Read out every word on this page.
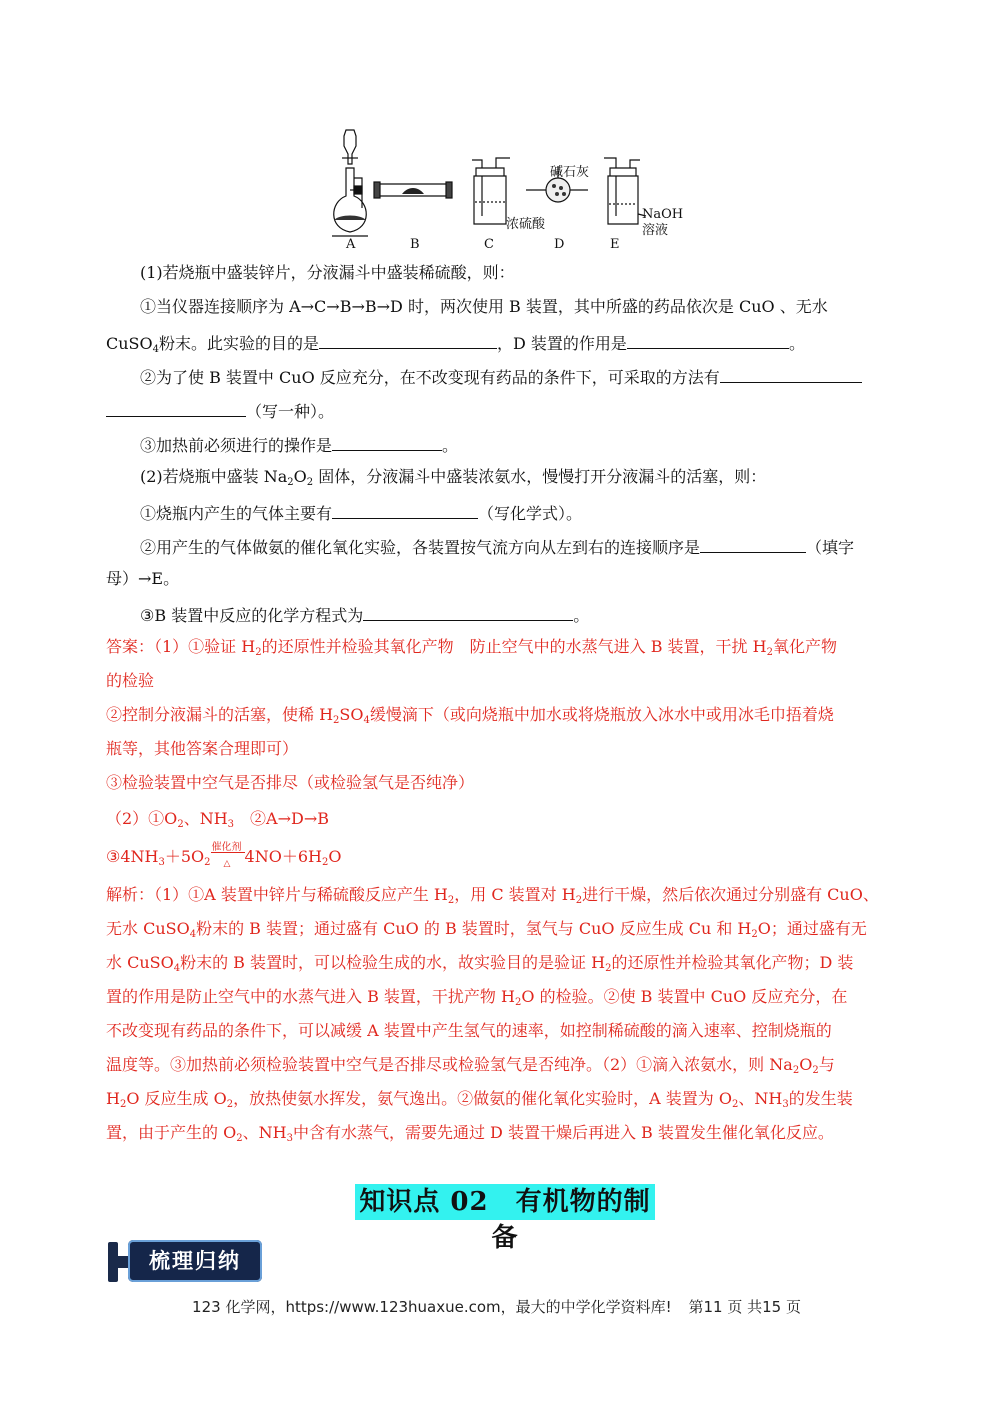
A	B	C	D	E
碱石灰
浓硫酸
NaOH
溶液
(1)若烧瓶中盛装锌片，分液漏斗中盛装稀硫酸，则：
①当仪器连接顺序为 A→C→B→B→D 时，两次使用 B 装置，其中所盛的药品依次是 CuO 、无水
CuSO$_4$粉末。此实验的目的是	，D 装置的作用是	。
②为了使 B 装置中 CuO 反应充分，在不改变现有药品的条件下，可采取的方法有
（写一种）。
③加热前必须进行的操作是	。
(2)若烧瓶中盛装 $Na_2O_2$ 固体，分液漏斗中盛装浓氨水，慢慢打开分液漏斗的活塞，则：
①烧瓶内产生的气体主要有	（写化学式）。
②用产生的气体做氨的催化氧化实验，各装置按气流方向从左到右的连接顺序是	（填字
母）→E。
③B 装置中反应的化学方程式为	。
答案：（1）①验证 $H_2$的还原性并检验其氧化产物　防止空气中的水蒸气进入 B 装置，干扰 $H_2$氧化产物
的检验
②控制分液漏斗的活塞，使稀 $H_2SO_4$缓慢滴下（或向烧瓶中加水或将烧瓶放入冰水中或用冰毛巾捂着烧
瓶等，其他答案合理即可）
③检验装置中空气是否排尽（或检验氢气是否纯净）
$(2)①O_2$、$NH_3$　②A→D→B
$③4NH_3+5O_2$
催化剂
△ $4NO+6H_2O$
解析：（1）①A 装置中锌片与稀硫酸反应产生 $H_2$，用 C 装置对 $H_2$进行干燥，然后依次通过分别盛有 CuO、
无水 CuSO$_4$粉末的 B 装置；通过盛有 CuO 的 B 装置时，氢气与 CuO 反应生成 Cu 和 $H_2O$；通过盛有无
水 CuSO$_4$粉末的 B 装置时，可以检验生成的水，故实验目的是验证 $H_2$的还原性并检验其氧化产物；D 装
置的作用是防止空气中的水蒸气进入 B 装置，干扰产物 $H_2O$ 的检验。②使 B 装置中 CuO 反应充分，在
不改变现有药品的条件下，可以减缓 A 装置中产生氢气的速率，如控制稀硫酸的滴入速率、控制烧瓶的
温度等。③加热前必须检验装置中空气是否排尽或检验氢气是否纯净。（2）①滴入浓氨水，则 $Na_2O_2$与
$H_2O$ 反应生成 $O_2$，放热使氨水挥发，氨气逸出。②做氨的催化氧化实验时，A 装置为 $O_2$、$NH_3$的发生装
置，由于产生的 $O_2$、$NH_3$中含有水蒸气，需要先通过 D 装置干燥后再进入 B 装置发生催化氧化反应。
知识点 02　有机物的制备
梳理归纳
123 化学网，https://www.123huaxue.com，最大的中学化学资料库! 第11 页 共15 页
